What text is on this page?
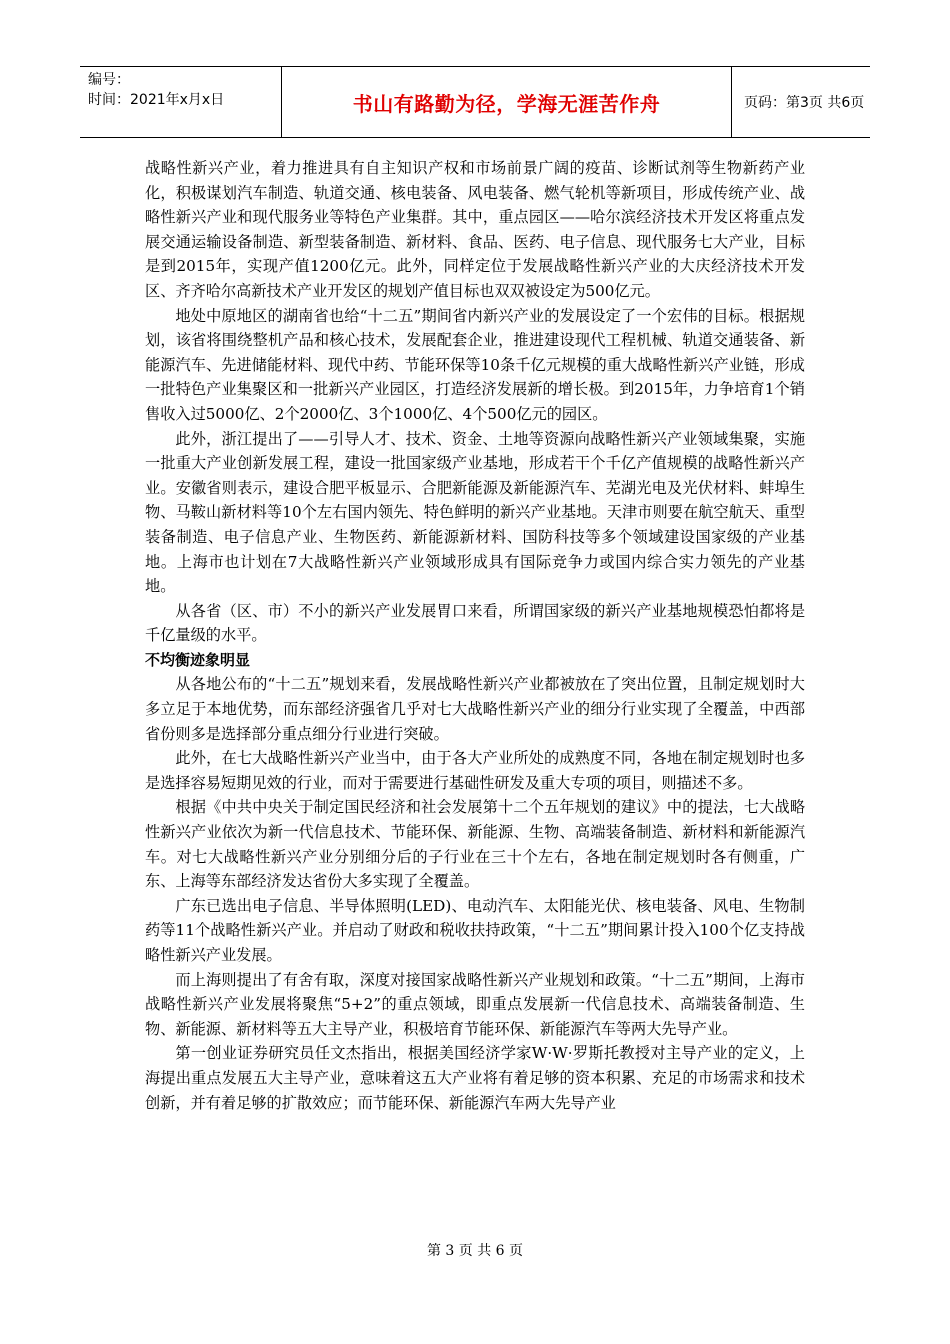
编号：
时间：2021年x月x日	书山有路勤为径，学海无涯苦作舟	页码：第3页 共6页

战略性新兴产业，着力推进具有自主知识产权和市场前景广阔的疫苗、诊断试剂等生物新药产业化，积极谋划汽车制造、轨道交通、核电装备、风电装备、燃气轮机等新项目，形成传统产业、战略性新兴产业和现代服务业等特色产业集群。其中，重点园区——哈尔滨经济技术开发区将重点发展交通运输设备制造、新型装备制造、新材料、食品、医药、电子信息、现代服务七大产业，目标是到2015年，实现产值1200亿元。此外，同样定位于发展战略性新兴产业的大庆经济技术开发区、齐齐哈尔高新技术产业开发区的规划产值目标也双双被设定为500亿元。

地处中原地区的湖南省也给“十二五”期间省内新兴产业的发展设定了一个宏伟的目标。根据规划，该省将围绕整机产品和核心技术，发展配套企业，推进建设现代工程机械、轨道交通装备、新能源汽车、先进储能材料、现代中药、节能环保等10条千亿元规模的重大战略性新兴产业链，形成一批特色产业集聚区和一批新兴产业园区，打造经济发展新的增长极。到2015年，力争培育1个销售收入过5000亿、2个2000亿、3个1000亿、4个500亿元的园区。

此外，浙江提出了——引导人才、技术、资金、土地等资源向战略性新兴产业领域集聚，实施一批重大产业创新发展工程，建设一批国家级产业基地，形成若干个千亿产值规模的战略性新兴产业。安徽省则表示，建设合肥平板显示、合肥新能源及新能源汽车、芜湖光电及光伏材料、蚌埠生物、马鞍山新材料等10个左右国内领先、特色鲜明的新兴产业基地。天津市则要在航空航天、重型装备制造、电子信息产业、生物医药、新能源新材料、国防科技等多个领域建设国家级的产业基地。上海市也计划在7大战略性新兴产业领域形成具有国际竞争力或国内综合实力领先的产业基地。

从各省（区、市）不小的新兴产业发展胃口来看，所谓国家级的新兴产业基地规模恐怕都将是千亿量级的水平。

不均衡迹象明显

从各地公布的“十二五”规划来看，发展战略性新兴产业都被放在了突出位置，且制定规划时大多立足于本地优势，而东部经济强省几乎对七大战略性新兴产业的细分行业实现了全覆盖，中西部省份则多是选择部分重点细分行业进行突破。

此外，在七大战略性新兴产业当中，由于各大产业所处的成熟度不同，各地在制定规划时也多是选择容易短期见效的行业，而对于需要进行基础性研发及重大专项的项目，则描述不多。

根据《中共中央关于制定国民经济和社会发展第十二个五年规划的建议》中的提法，七大战略性新兴产业依次为新一代信息技术、节能环保、新能源、生物、高端装备制造、新材料和新能源汽车。对七大战略性新兴产业分别细分后的子行业在三十个左右，各地在制定规划时各有侧重，广东、上海等东部经济发达省份大多实现了全覆盖。

广东已选出电子信息、半导体照明(LED)、电动汽车、太阳能光伏、核电装备、风电、生物制药等11个战略性新兴产业。并启动了财政和税收扶持政策，“十二五”期间累计投入100个亿支持战略性新兴产业发展。

而上海则提出了有舍有取，深度对接国家战略性新兴产业规划和政策。“十二五”期间，上海市战略性新兴产业发展将聚焦“5+2”的重点领域，即重点发展新一代信息技术、高端装备制造、生物、新能源、新材料等五大主导产业，积极培育节能环保、新能源汽车等两大先导产业。

第一创业证券研究员任文杰指出，根据美国经济学家W·W·罗斯托教授对主导产业的定义，上海提出重点发展五大主导产业，意味着这五大产业将有着足够的资本积累、充足的市场需求和技术创新，并有着足够的扩散效应；而节能环保、新能源汽车两大先导产业

第 3 页 共 6 页
